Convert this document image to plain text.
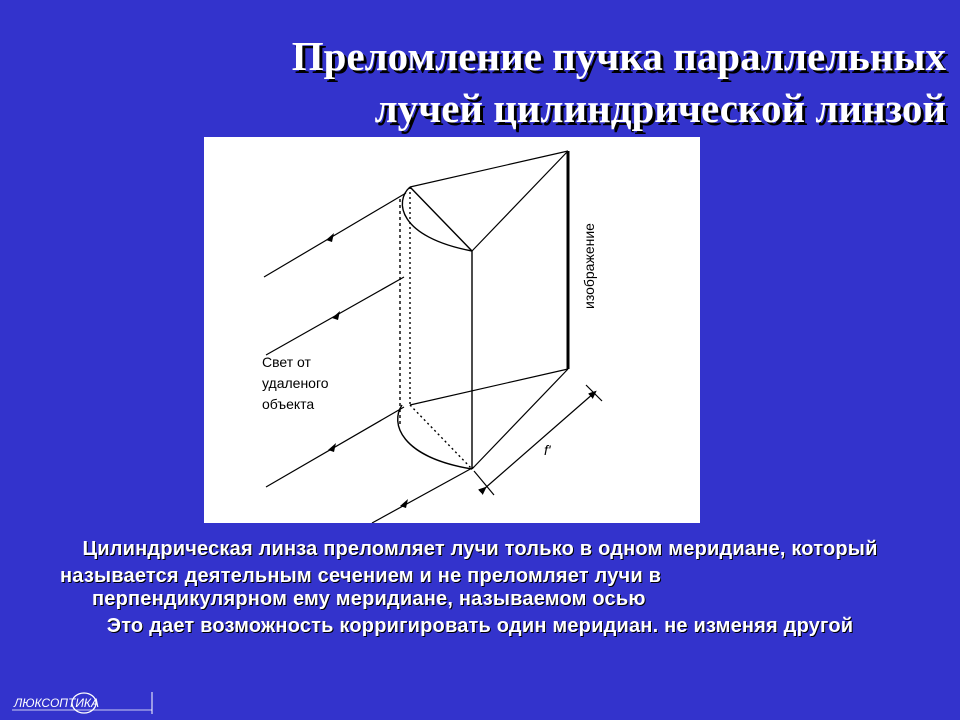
Преломление пучка параллельных
лучей цилиндрической линзой
Свет от
удаленого
объекта
изображение
f'

Цилиндрическая линза преломляет лучи только в одном меридиане, который

называется деятельным сечением и не преломляет лучи в
перпендикулярном ему меридиане, называемом осью

Это дает возможность корригировать один меридиан. не изменяя другой

ЛЮКСОПТИКА
